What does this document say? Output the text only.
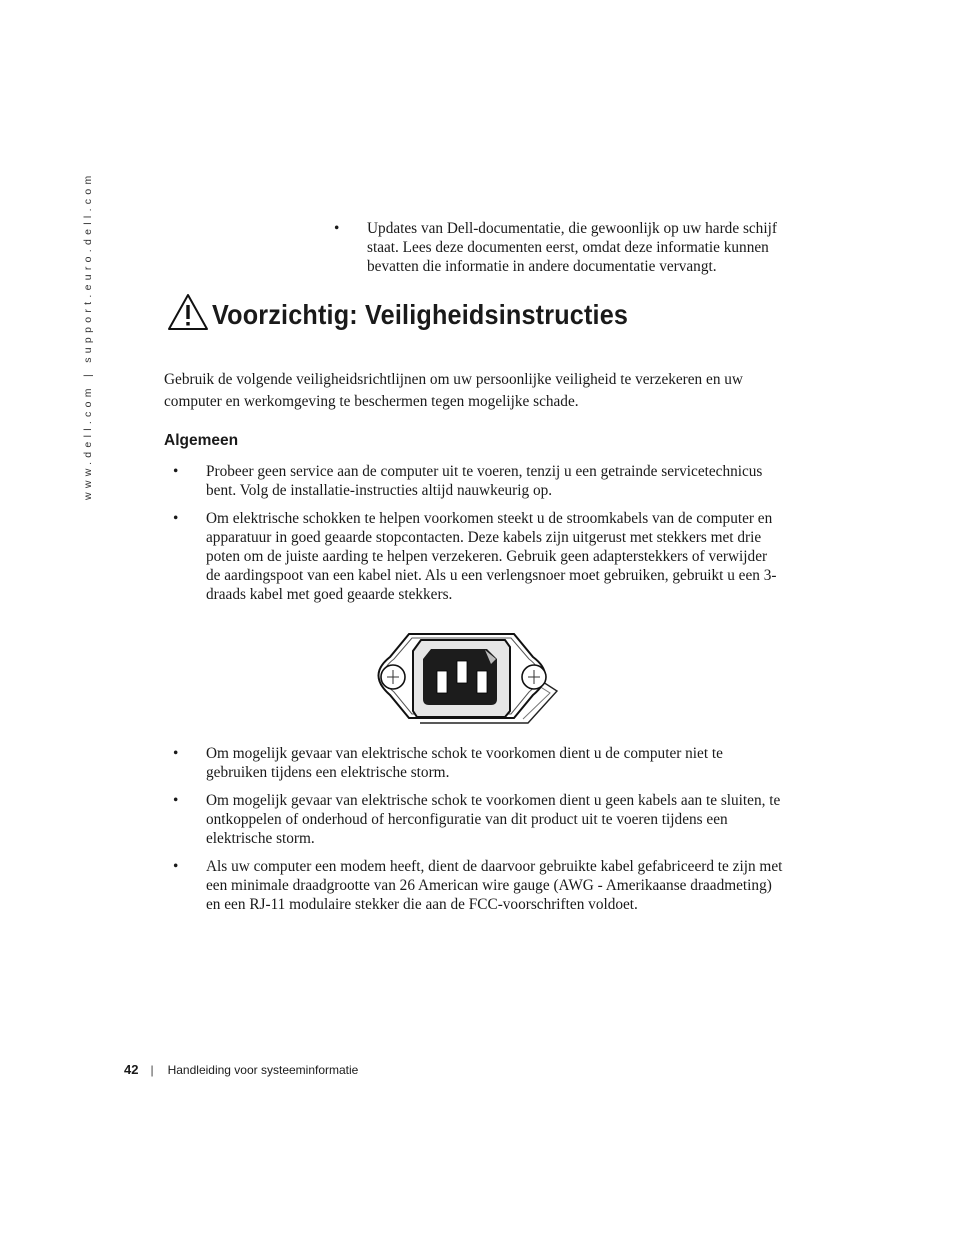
www.dell.com | support.euro.dell.com	• Updates van Dell-documentatie, die gewoonlijk op uw harde schijf staat. Lees deze documenten eerst, omdat deze informatie kunnen bevatten die informatie in andere documentatie vervangt.
Voorzichtig: Veiligheidsinstructies

Gebruik de volgende veiligheidsrichtlijnen om uw persoonlijke veiligheid te verzekeren en uw computer en werkomgeving te beschermen tegen mogelijke schade.

Algemeen
• Probeer geen service aan de computer uit te voeren, tenzij u een getrainde servicetechnicus bent. Volg de installatie-instructies altijd nauwkeurig op.
• Om elektrische schokken te helpen voorkomen steekt u de stroomkabels van de computer en apparatuur in goed geaarde stopcontacten. Deze kabels zijn uitgerust met stekkers met drie poten om de juiste aarding te helpen verzekeren. Gebruik geen adapterstekkers of verwijder de aardingspoot van een kabel niet. Als u een verlengsnoer moet gebruiken, gebruikt u een 3-draads kabel met goed geaarde stekkers.
• Om mogelijk gevaar van elektrische schok te voorkomen dient u de computer niet te gebruiken tijdens een elektrische storm.
• Om mogelijk gevaar van elektrische schok te voorkomen dient u geen kabels aan te sluiten, te ontkoppelen of onderhoud of herconfiguratie van dit product uit te voeren tijdens een elektrische storm.
• Als uw computer een modem heeft, dient de daarvoor gebruikte kabel gefabriceerd te zijn met een minimale draadgrootte van 26 American wire gauge (AWG - Amerikaanse draadmeting) en een RJ-11 modulaire stekker die aan de FCC-voorschriften voldoet.
42 | Handleiding voor systeeminformatie
